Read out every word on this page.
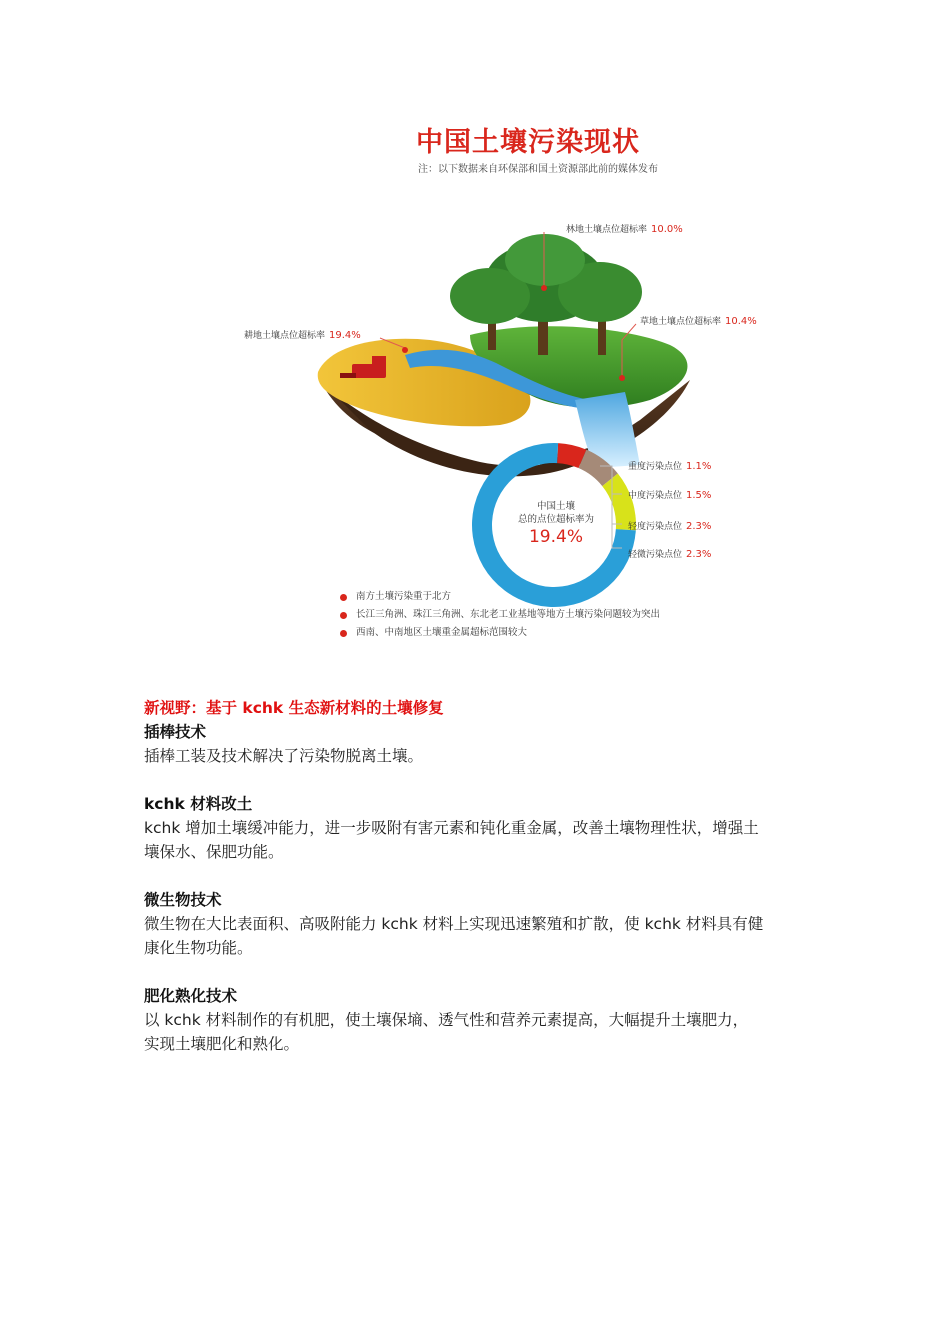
中国土壤污染现状
注：以下数据来自环保部和国土资源部此前的媒体发布
林地土壤点位超标率 10.0%
耕地土壤点位超标率 19.4%
草地土壤点位超标率 10.4%
中国土壤
总的点位超标率为
19.4%
重度污染点位 1.1%
中度污染点位 1.5%
轻度污染点位 2.3%
轻微污染点位 2.3%
南方土壤污染重于北方
长江三角洲、珠江三角洲、东北老工业基地等地方土壤污染问题较为突出
西南、中南地区土壤重金属超标范围较大

新视野：基于 kchk 生态新材料的土壤修复

插棒技术

插棒工装及技术解决了污染物脱离土壤。

kchk 材料改土

kchk 增加土壤缓冲能力，进一步吸附有害元素和钝化重金属，改善土壤物理性状，增强土

壤保水、保肥功能。

微生物技术

微生物在大比表面积、高吸附能力 kchk 材料上实现迅速繁殖和扩散，使 kchk 材料具有健

康化生物功能。

肥化熟化技术

以 kchk 材料制作的有机肥，使土壤保墒、透气性和营养元素提高，大幅提升土壤肥力，

实现土壤肥化和熟化。
